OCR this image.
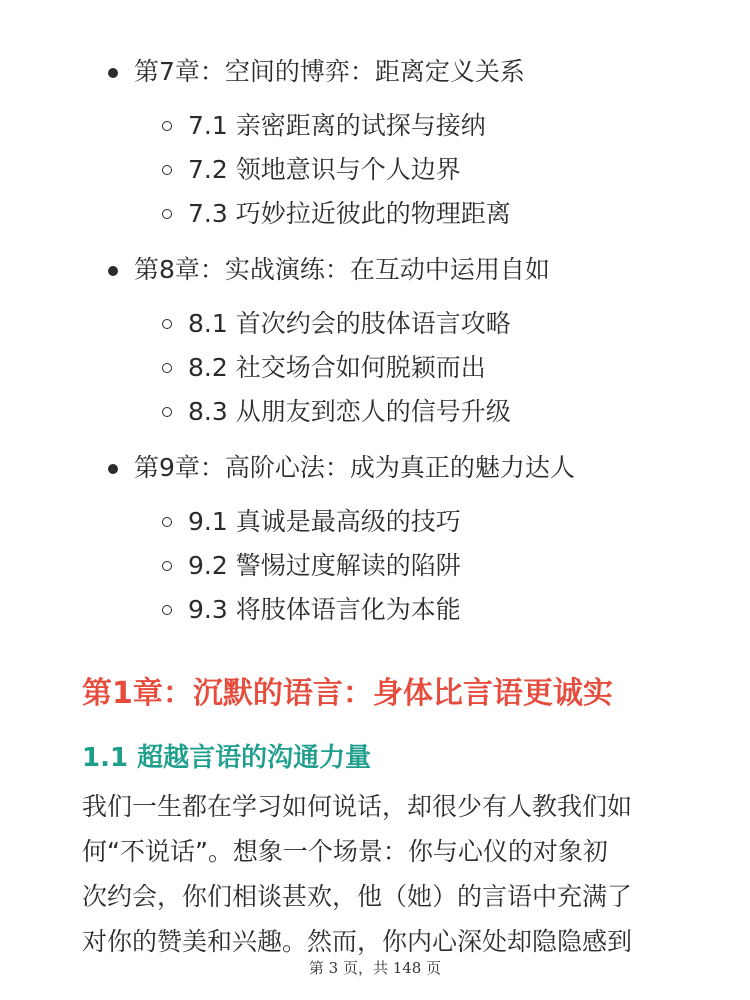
第7章：空间的博弈：距离定义关系
7.1 亲密距离的试探与接纳
7.2 领地意识与个人边界
7.3 巧妙拉近彼此的物理距离
第8章：实战演练：在互动中运用自如
8.1 首次约会的肢体语言攻略
8.2 社交场合如何脱颖而出
8.3 从朋友到恋人的信号升级
第9章：高阶心法：成为真正的魅力达人
9.1 真诚是最高级的技巧
9.2 警惕过度解读的陷阱
9.3 将肢体语言化为本能
第1章：沉默的语言：身体比言语更诚实
1.1 超越言语的沟通力量
我们一生都在学习如何说话，却很少有人教我们如
何“不说话”。想象一个场景：你与心仪的对象初
次约会，你们相谈甚欢，他（她）的言语中充满了
对你的赞美和兴趣。然而，你内心深处却隐隐感到
第 3 页，共 148 页
